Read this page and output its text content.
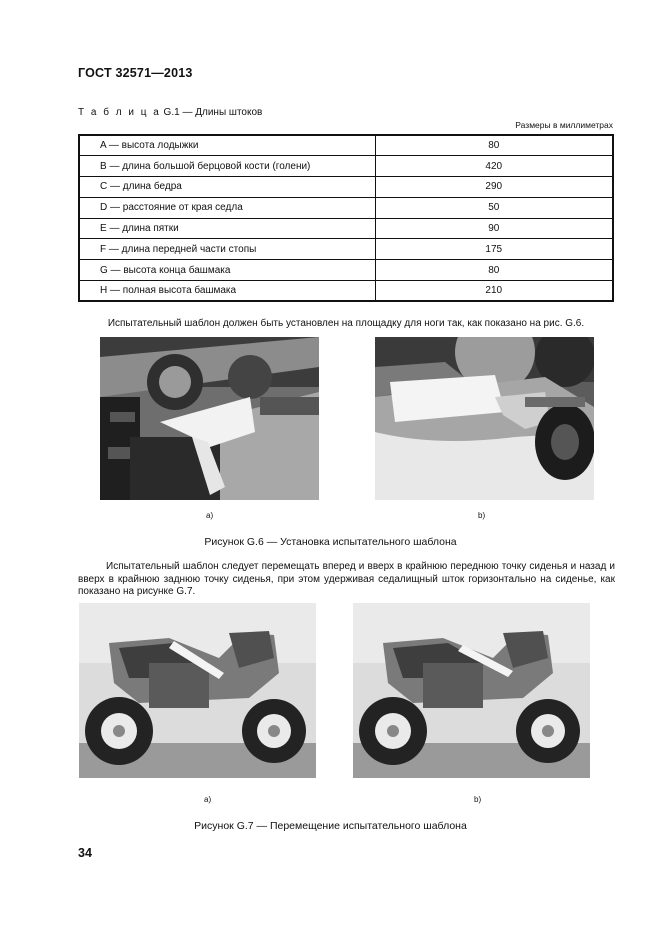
ГОСТ 32571—2013
Т а б л и ц а G.1 — Длины штоков
Размеры в миллиметрах
A — высота лодыжки	80
B — длина большой берцовой кости (голени)	420
C — длина бедра	290
D — расстояние от края седла	50
E — длина пятки	90
F — длина передней части стопы	175
G — высота конца башмака	80
H — полная высота башмака	210
Испытательный шаблон должен быть установлен на площадку для ноги так, как показано на рис. G.6.
a)	b)
Рисунок G.6 — Установка испытательного шаблона
Испытательный шаблон следует перемещать вперед и вверх в крайнюю переднюю точку сиденья и назад и вверх в крайнюю заднюю точку сиденья, при этом удерживая седалищный шток горизонтально на сиденье, как показано на рисунке G.7.
a)	b)
Рисунок G.7 — Перемещение испытательного шаблона
34
